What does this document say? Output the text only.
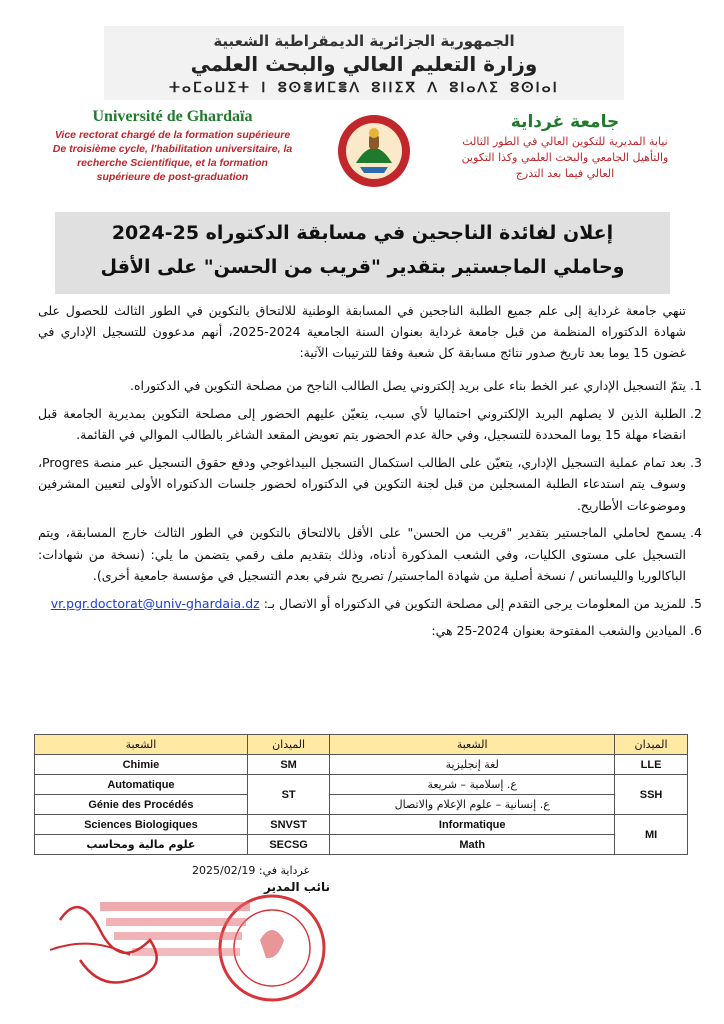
الجمهورية الجزائرية الديمقراطية الشعبية
وزارة التعليم العالي والبحث العلمي
ⵜⴰⵎⴰⵡⵉⵜ ⵏ ⵓⵙⴻⵍⵎⴻⴷ ⵓⵏⵏⵉⴳ ⴷ ⵓⵏⴰⴷⵉ ⵓⵙⵏⴰⵏ
Université de Ghardaïa
Vice rectorat chargé de la formation supérieure
De troisième cycle, l'habilitation universitaire, la
recherche Scientifique, et la formation
supérieure de post-graduation
جامعة غرداية
نيابة المديرية للتكوين العالي في الطور الثالث
والتأهيل الجامعي والبحث العلمي وكذا التكوين
العالي فيما بعد التدرج
إعلان لفائدة الناجحين في مسابقة الدكتوراه 25-2024
وحاملي الماجستير بتقدير "قريب من الحسن" على الأقل
تنهي جامعة غرداية إلى علم جميع الطلبة الناجحين في المسابقة الوطنية للالتحاق بالتكوين في الطور الثالث للحصول على شهادة الدكتوراه المنظمة من قبل جامعة غرداية بعنوان السنة الجامعية 2024-2025، أنهم مدعوون للتسجيل الإداري في غضون 15 يوما بعد تاريخ صدور نتائج مسابقة كل شعبة وفقا للترتيبات الآتية:
1. يتمّ التسجيل الإداري عبر الخط بناء على بريد إلكتروني يصل الطالب الناجح من مصلحة التكوين في الدكتوراه.
2. الطلبة الذين لا يصلهم البريد الإلكتروني احتماليا لأي سبب، يتعيّن عليهم الحضور إلى مصلحة التكوين بمديرية الجامعة قبل انقضاء مهلة 15 يوما المحددة للتسجيل، وفي حالة عدم الحضور يتم تعويض المقعد الشاغر بالطالب الموالي في القائمة.
3. بعد تمام عملية التسجيل الإداري، يتعيّن على الطالب استكمال التسجيل البيداغوجي ودفع حقوق التسجيل عبر منصة Progres، وسوف يتم استدعاء الطلبة المسجلين من قبل لجنة التكوين في الدكتوراه لحضور جلسات الدكتوراه الأولى لتعيين المشرفين وموضوعات الأطاريح.
4. يسمح لحاملي الماجستير بتقدير "قريب من الحسن" على الأقل بالالتحاق بالتكوين في الطور الثالث خارج المسابقة، ويتم التسجيل على مستوى الكليات، وفي الشعب المذكورة أدناه، وذلك بتقديم ملف رقمي يتضمن ما يلي: (نسخة من شهادات: الباكالوريا والليسانس / نسخة أصلية من شهادة الماجستير/ تصريح شرفي بعدم التسجيل في مؤسسة جامعية أخرى).
5. للمزيد من المعلومات يرجى التقدم إلى مصلحة التكوين في الدكتوراه أو الاتصال بـ: vr.pgr.doctorat@univ-ghardaia.dz
6. الميادين والشعب المفتوحة بعنوان 2024-25 هي:
الشعبة	الميدان	الشعبة	الميدان
Chimie	SM	لغة إنجليزية	LLE
Automatique	ST	ع. إسلامية – شريعة	SSH
Génie des Procédés		ع. إنسانية – علوم الإعلام والاتصال	
Sciences Biologiques	SNVST	Informatique	MI
علوم مالية ومحاسب	SECSG	Math	
غرداية في: 2025/02/19
نائب المدير
